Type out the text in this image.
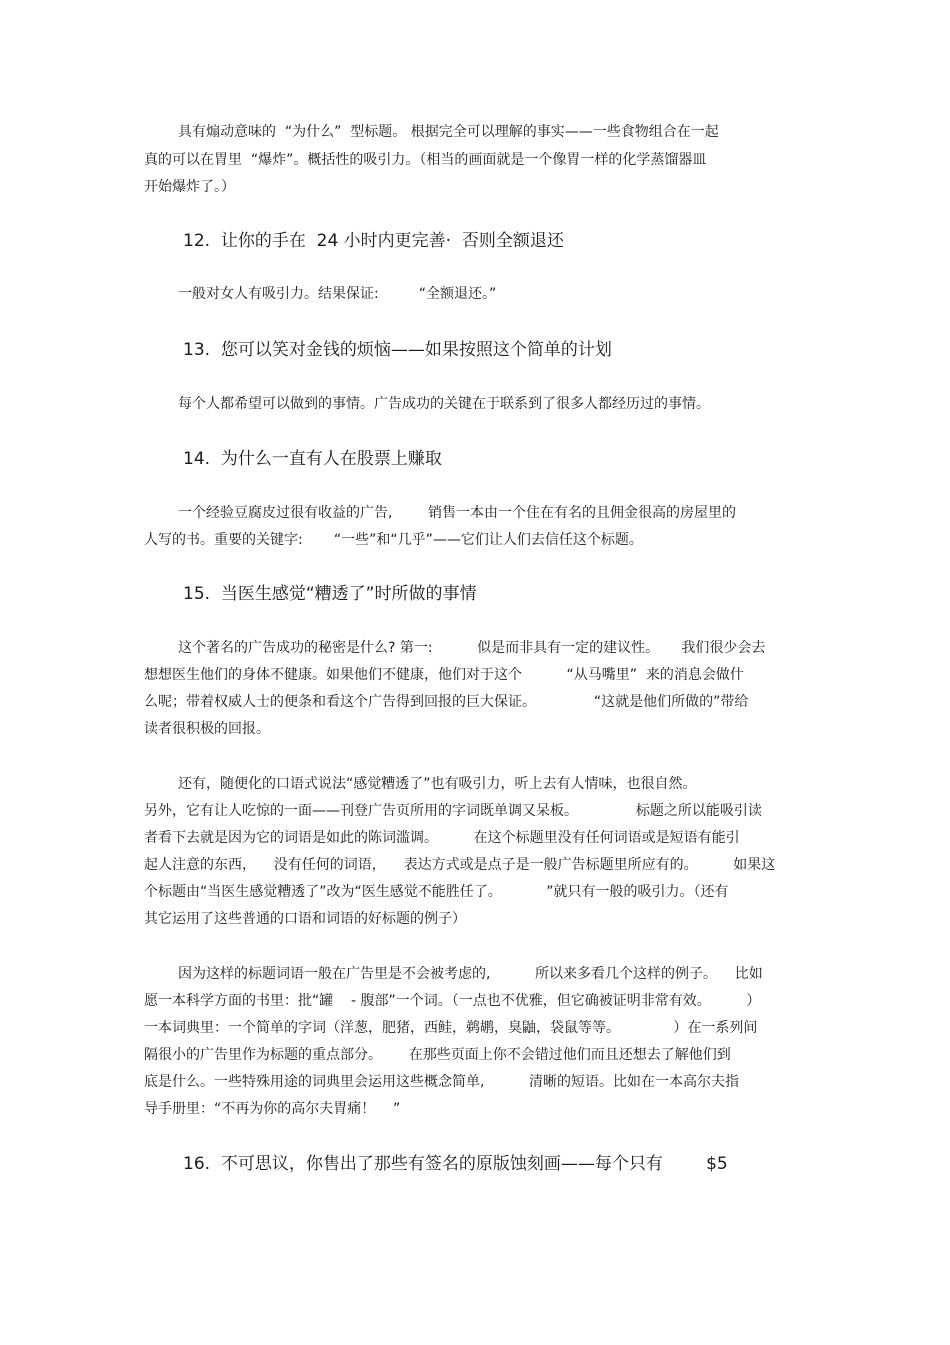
具有煽动意味的  “为什么”  型标题。 根据完全可以理解的事实——一些食物组合在一起
真的可以在胃里  “爆炸”。概括性的吸引力。（相当的画面就是一个像胃一样的化学蒸馏器皿
开始爆炸了。）
12.  让你的手在  24 小时内更完善·  否则全额退还
一般对女人有吸引力。结果保证:         “全额退还。”
13.  您可以笑对金钱的烦恼——如果按照这个简单的计划
每个人都希望可以做到的事情。广告成功的关键在于联系到了很多人都经历过的事情。
14.  为什么一直有人在股票上赚取
一个经验豆腐皮过很有收益的广告,        销售一本由一个住在有名的且佣金很高的房屋里的
人写的书。重要的关键字:       “一些”和“几乎”——它们让人们去信任这个标题。
15.  当医生感觉“糟透了”时所做的事情
这个著名的广告成功的秘密是什么? 第一:          似是而非具有一定的建议性。     我们很少会去
想想医生他们的身体不健康。如果他们不健康，他们对于这个          “从马嘴里”  来的消息会做什
么呢；带着权威人士的便条和看这个广告得到回报的巨大保证。             “这就是他们所做的”带给
读者很积极的回报。
还有，随便化的口语式说法“感觉糟透了”也有吸引力，听上去有人情味，也很自然。
另外，它有让人吃惊的一面——刊登广告页所用的字词既单调又呆板。             标题之所以能吸引读
者看下去就是因为它的词语是如此的陈词滥调。        在这个标题里没有任何词语或是短语有能引
起人注意的东西，    没有任何的词语，    表达方式或是点子是一般广告标题里所应有的。        如果这
个标题由“当医生感觉糟透了”改为“医生感觉不能胜任了。          ”就只有一般的吸引力。（还有
其它运用了这些普通的口语和词语的好标题的例子）
因为这样的标题词语一般在广告里是不会被考虑的,          所以来多看几个这样的例子。    比如
愿一本科学方面的书里：批“罐    - 腹部”一个词。（一点也不优雅，但它确被证明非常有效。        ）
一本词典里：一个简单的字词（洋葱，肥猪，西鲑，鹈鹕，臭鼬，袋鼠等等。            ）在一系列间
隔很小的广告里作为标题的重点部分。      在那些页面上你不会错过他们而且还想去了解他们到
底是什么。一些特殊用途的词典里会运用这些概念简单,          清晰的短语。比如在一本高尔夫指
导手册里：“不再为你的高尔夫胃痛！    ”
16.  不可思议，你售出了那些有签名的原版蚀刻画——每个只有        $5
